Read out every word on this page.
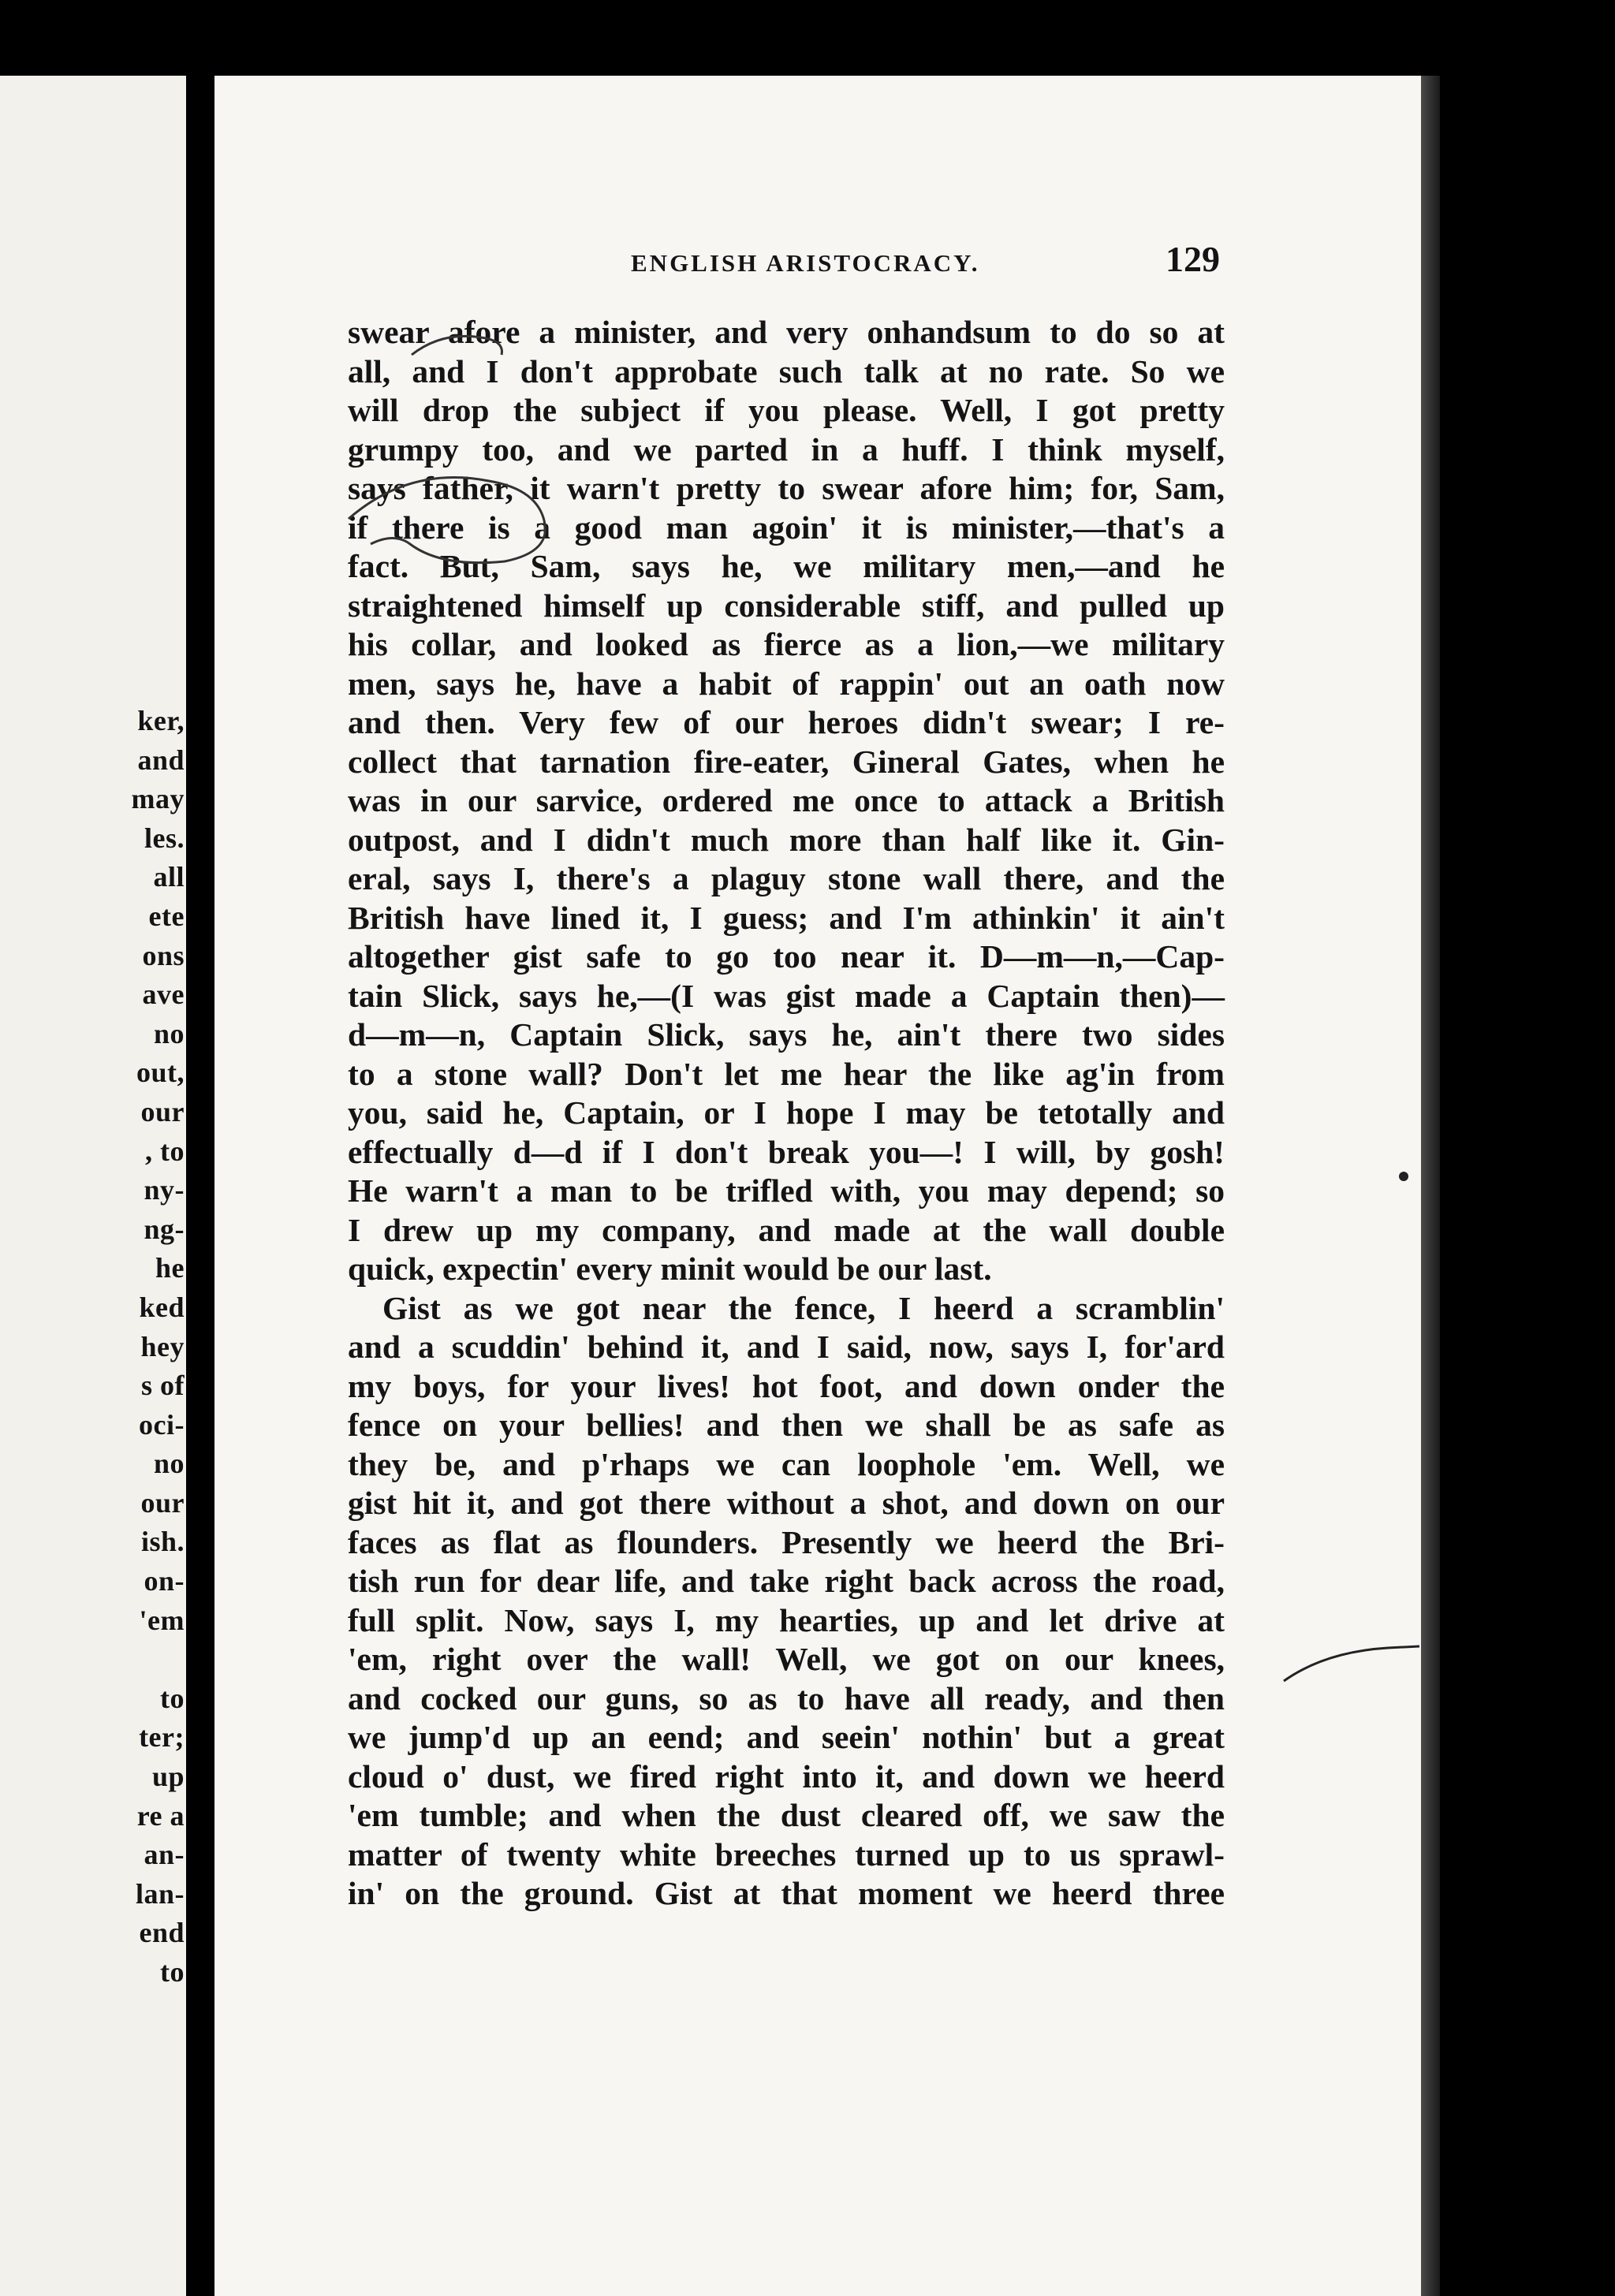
ker,
and
may
les.
all
ete
ons
ave
no
out,
our
, to
ny-
ng-
he
ked
hey
s of
oci-
no
our
ish.
on-
'em
to
ter;
up
re a
an-
lan-
end
to
ENGLISH ARISTOCRACY.	129
swear afore a minister, and very onhandsum to do so at
all, and I don't approbate such talk at no rate. So we
will drop the subject if you please. Well, I got pretty
grumpy too, and we parted in a huff. I think myself,
says father, it warn't pretty to swear afore him; for, Sam,
if there is a good man agoin' it is minister,—that's a
fact. But, Sam, says he, we military men,—and he
straightened himself up considerable stiff, and pulled up
his collar, and looked as fierce as a lion,—we military
men, says he, have a habit of rappin' out an oath now
and then. Very few of our heroes didn't swear; I re-
collect that tarnation fire-eater, Gineral Gates, when he
was in our sarvice, ordered me once to attack a British
outpost, and I didn't much more than half like it. Gin-
eral, says I, there's a plaguy stone wall there, and the
British have lined it, I guess; and I'm athinkin' it ain't
altogether gist safe to go too near it. D—m—n,—Cap-
tain Slick, says he,—(I was gist made a Captain then)—
d—m—n, Captain Slick, says he, ain't there two sides
to a stone wall? Don't let me hear the like ag'in from
you, said he, Captain, or I hope I may be tetotally and
effectually d—d if I don't break you—! I will, by gosh!
He warn't a man to be trifled with, you may depend; so
I drew up my company, and made at the wall double
quick, expectin' every minit would be our last.
Gist as we got near the fence, I heerd a scramblin'
and a scuddin' behind it, and I said, now, says I, for'ard
my boys, for your lives! hot foot, and down onder the
fence on your bellies! and then we shall be as safe as
they be, and p'rhaps we can loophole 'em. Well, we
gist hit it, and got there without a shot, and down on our
faces as flat as flounders. Presently we heerd the Bri-
tish run for dear life, and take right back across the road,
full split. Now, says I, my hearties, up and let drive at
'em, right over the wall! Well, we got on our knees,
and cocked our guns, so as to have all ready, and then
we jump'd up an eend; and seein' nothin' but a great
cloud o' dust, we fired right into it, and down we heerd
'em tumble; and when the dust cleared off, we saw the
matter of twenty white breeches turned up to us sprawl-
in' on the ground. Gist at that moment we heerd three
